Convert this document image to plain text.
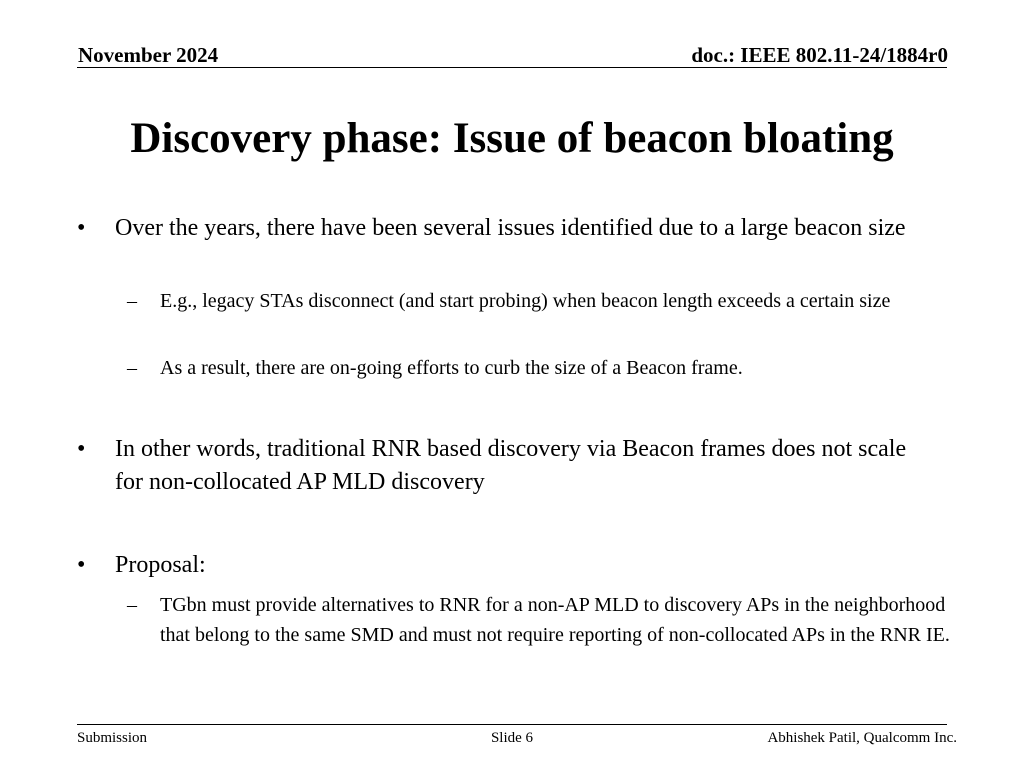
November 2024	doc.: IEEE 802.11-24/1884r0
Discovery phase: Issue of beacon bloating
• Over the years, there have been several issues identified due to a large beacon size
– E.g., legacy STAs disconnect (and start probing) when beacon length exceeds a certain size
– As a result, there are on-going efforts to curb the size of a Beacon frame.
• In other words, traditional RNR based discovery via Beacon frames does not scale for non-collocated AP MLD discovery
• Proposal:
– TGbn must provide alternatives to RNR for a non-AP MLD to discovery APs in the neighborhood that belong to the same SMD and must not require reporting of non-collocated APs in the RNR IE.
Submission	Slide 6	Abhishek Patil, Qualcomm Inc.
